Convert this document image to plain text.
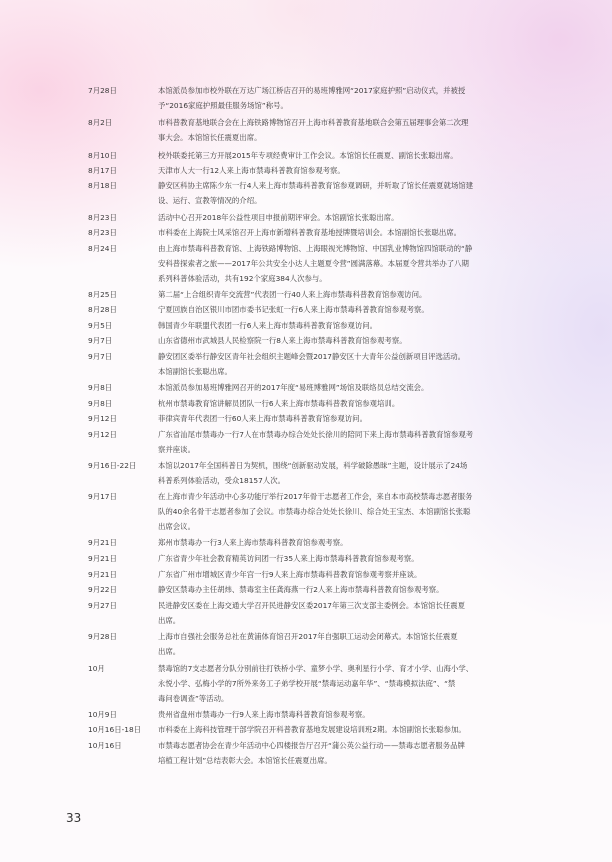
7月28日	本馆派员参加市校外联在万达广场江桥店召开的易班博雅网“2017家庭护照”启动仪式，并被授
予“2016家庭护照最佳服务场馆”称号。
8月2日	市科普教育基地联合会在上海铁路博物馆召开上海市科普教育基地联合会第五届理事会第二次理
事大会。本馆馆长任震夏出席。
8月10日	校外联委托第三方开展2015年专项经费审计工作会议。本馆馆长任震夏、副馆长张聪出席。
8月17日	天津市人大一行12人来上海市禁毒科普教育馆参观考察。
8月18日	静安区科协主席陈少东一行4人来上海市禁毒科普教育馆参观调研，并听取了馆长任震夏就场馆建
设、运行、宣教等情况的介绍。
8月23日	活动中心召开2018年公益性项目申报前期评审会。本馆副馆长张聪出席。
8月23日	市科委在上海院士风采馆召开上海市新增科普教育基地授牌暨培训会。本馆副馆长张聪出席。
8月24日	由上海市禁毒科普教育馆、上海铁路博物馆、上海眼视光博物馆、中国乳业博物馆四馆联动的“静
安科普探索者之旅——2017年公共安全小达人主题夏令营”圆满落幕。本届夏令营共举办了八期
系列科普体验活动，共有192个家庭384人次参与。
8月25日	第二届“上合组织青年交流营”代表团一行40人来上海市禁毒科普教育馆参观访问。
8月28日	宁夏回族自治区银川市团市委书记张虹一行6人来上海市禁毒科普教育馆参观考察。
9月5日	韩国青少年联盟代表团一行6人来上海市禁毒科普教育馆参观访问。
9月7日	山东省德州市武城县人民检察院一行8人来上海市禁毒科普教育馆参观考察。
9月7日	静安团区委举行静安区青年社会组织主题峰会暨2017静安区十大青年公益创新项目评选活动。
本馆副馆长张聪出席。
9月8日	本馆派员参加易班博雅网召开的2017年度“易班博雅网”场馆及联络员总结交流会。
9月8日	杭州市禁毒教育馆讲解员团队一行6人来上海市禁毒科普教育馆参观培训。
9月12日	菲律宾青年代表团一行60人来上海市禁毒科普教育馆参观访问。
9月12日	广东省汕尾市禁毒办一行7人在市禁毒办综合处处长徐川的陪同下来上海市禁毒科普教育馆参观考
察并座谈。
9月16日-22日	本馆以2017年全国科普日为契机，围绕“创新驱动发展，科学破除愚昧”主题，设计展示了24场
科普系列体验活动，受众18157人次。
9月17日	在上海市青少年活动中心多功能厅举行2017年骨干志愿者工作会，来自本市高校禁毒志愿者服务
队的40余名骨干志愿者参加了会议。市禁毒办综合处处长徐川、综合处王宝杰、本馆副馆长张聪
出席会议。
9月21日	郑州市禁毒办一行3人来上海市禁毒科普教育馆参观考察。
9月21日	广东省青少年社会教育精英访问团一行35人来上海市禁毒科普教育馆参观考察。
9月21日	广东省广州市增城区青少年宫一行9人来上海市禁毒科普教育馆参观考察并座谈。
9月22日	静安区禁毒办主任胡炜、禁毒室主任龚海燕一行2人来上海市禁毒科普教育馆参观考察。
9月27日	民进静安区委在上海交通大学召开民进静安区委2017年第三次支部主委例会。本馆馆长任震夏
出席。
9月28日	上海市自强社会服务总社在黄浦体育馆召开2017年自强职工运动会闭幕式。本馆馆长任震夏
出席。
10月	禁毒馆的7支志愿者分队分别前往打铁桥小学、童梦小学、奥利星行小学、育才小学、山海小学、
永悦小学、弘梅小学的7所外来务工子弟学校开展“禁毒运动嘉年华”、“禁毒模拟法庭”、“禁
毒问卷调查”等活动。
10月9日	贵州省盘州市禁毒办一行9人来上海市禁毒科普教育馆参观考察。
10月16日-18日	市科委在上海科技管理干部学院召开科普教育基地发展建设培训班2期。本馆副馆长张聪参加。
10月16日	市禁毒志愿者协会在青少年活动中心四楼报告厅召开“蒲公英公益行动——禁毒志愿者服务品牌
培植工程计划”总结表彰大会。本馆馆长任震夏出席。
33
